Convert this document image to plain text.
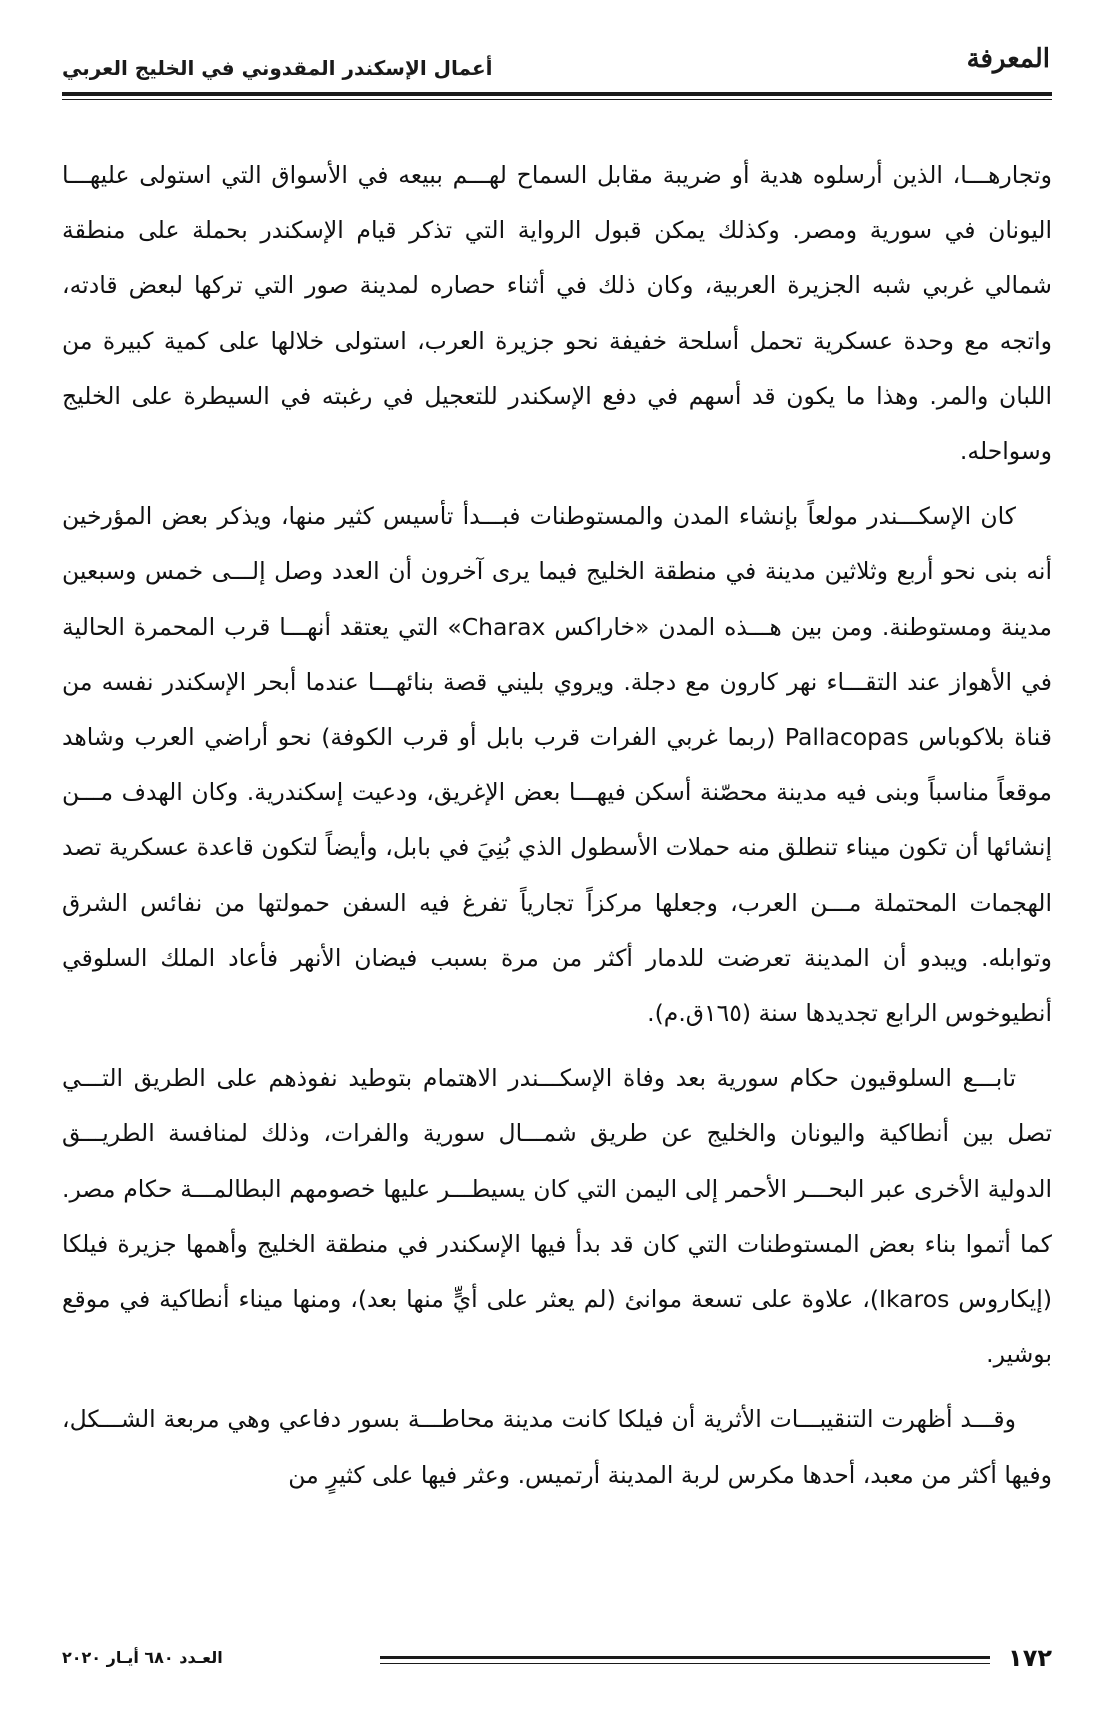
المعرفة
أعمال الإسكندر المقدوني في الخليج العربي

وتجارهـــا، الذين أرسلوه هدية أو ضريبة مقابل السماح لهـــم ببيعه في الأسواق التي استولى عليهـــا اليونان في سورية ومصر. وكذلك يمكن قبول الرواية التي تذكر قيام الإسكندر بحملة على منطقة شمالي غربي شبه الجزيرة العربية، وكان ذلك في أثناء حصاره لمدينة صور التي تركها لبعض قادته، واتجه مع وحدة عسكرية تحمل أسلحة خفيفة نحو جزيرة العرب، استولى خلالها على كمية كبيرة من اللبان والمر. وهذا ما يكون قد أسهم في دفع الإسكندر للتعجيل في رغبته في السيطرة على الخليج وسواحله.

كان الإسكـــندر مولعاً بإنشاء المدن والمستوطنات فبـــدأ تأسيس كثير منها، ويذكر بعض المؤرخين أنه بنى نحو أربع وثلاثين مدينة في منطقة الخليج فيما يرى آخرون أن العدد وصل إلـــى خمس وسبعين مدينة ومستوطنة. ومن بين هـــذه المدن «خاراكس Charax» التي يعتقد أنهـــا قرب المحمرة الحالية في الأهواز عند التقـــاء نهر كارون مع دجلة. ويروي بليني قصة بنائهـــا عندما أبحر الإسكندر نفسه من قناة بلاكوباس Pallacopas (ربما غربي الفرات قرب بابل أو قرب الكوفة) نحو أراضي العرب وشاهد موقعاً مناسباً وبنى فيه مدينة محصّنة أسكن فيهـــا بعض الإغريق، ودعيت إسكندرية. وكان الهدف مـــن إنشائها أن تكون ميناء تنطلق منه حملات الأسطول الذي بُنِيَ في بابل، وأيضاً لتكون قاعدة عسكرية تصد الهجمات المحتملة مـــن العرب، وجعلها مركزاً تجارياً تفرغ فيه السفن حمولتها من نفائس الشرق وتوابله. ويبدو أن المدينة تعرضت للدمار أكثر من مرة بسبب فيضان الأنهر فأعاد الملك السلوقي أنطيوخوس الرابع تجديدها سنة (١٦٥ق.م).

تابـــع السلوقيون حكام سورية بعد وفاة الإسكـــندر الاهتمام بتوطيد نفوذهم على الطريق التـــي تصل بين أنطاكية واليونان والخليج عن طريق شمـــال سورية والفرات، وذلك لمنافسة الطريـــق الدولية الأخرى عبر البحـــر الأحمر إلى اليمن التي كان يسيطـــر عليها خصومهم البطالمـــة حكام مصر. كما أتموا بناء بعض المستوطنات التي كان قد بدأ فيها الإسكندر في منطقة الخليج وأهمها جزيرة فيلكا (إيكاروس Ikaros)، علاوة على تسعة موانئ (لم يعثر على أيٍّ منها بعد)، ومنها ميناء أنطاكية في موقع بوشير.

وقـــد أظهرت التنقيبـــات الأثرية أن فيلكا كانت مدينة محاطـــة بسور دفاعي وهي مربعة الشـــكل، وفيها أكثر من معبد، أحدها مكرس لربة المدينة أرتميس. وعثر فيها على كثيرٍ من

١٧٢
العـدد ٦٨٠ أيـار ٢٠٢٠
